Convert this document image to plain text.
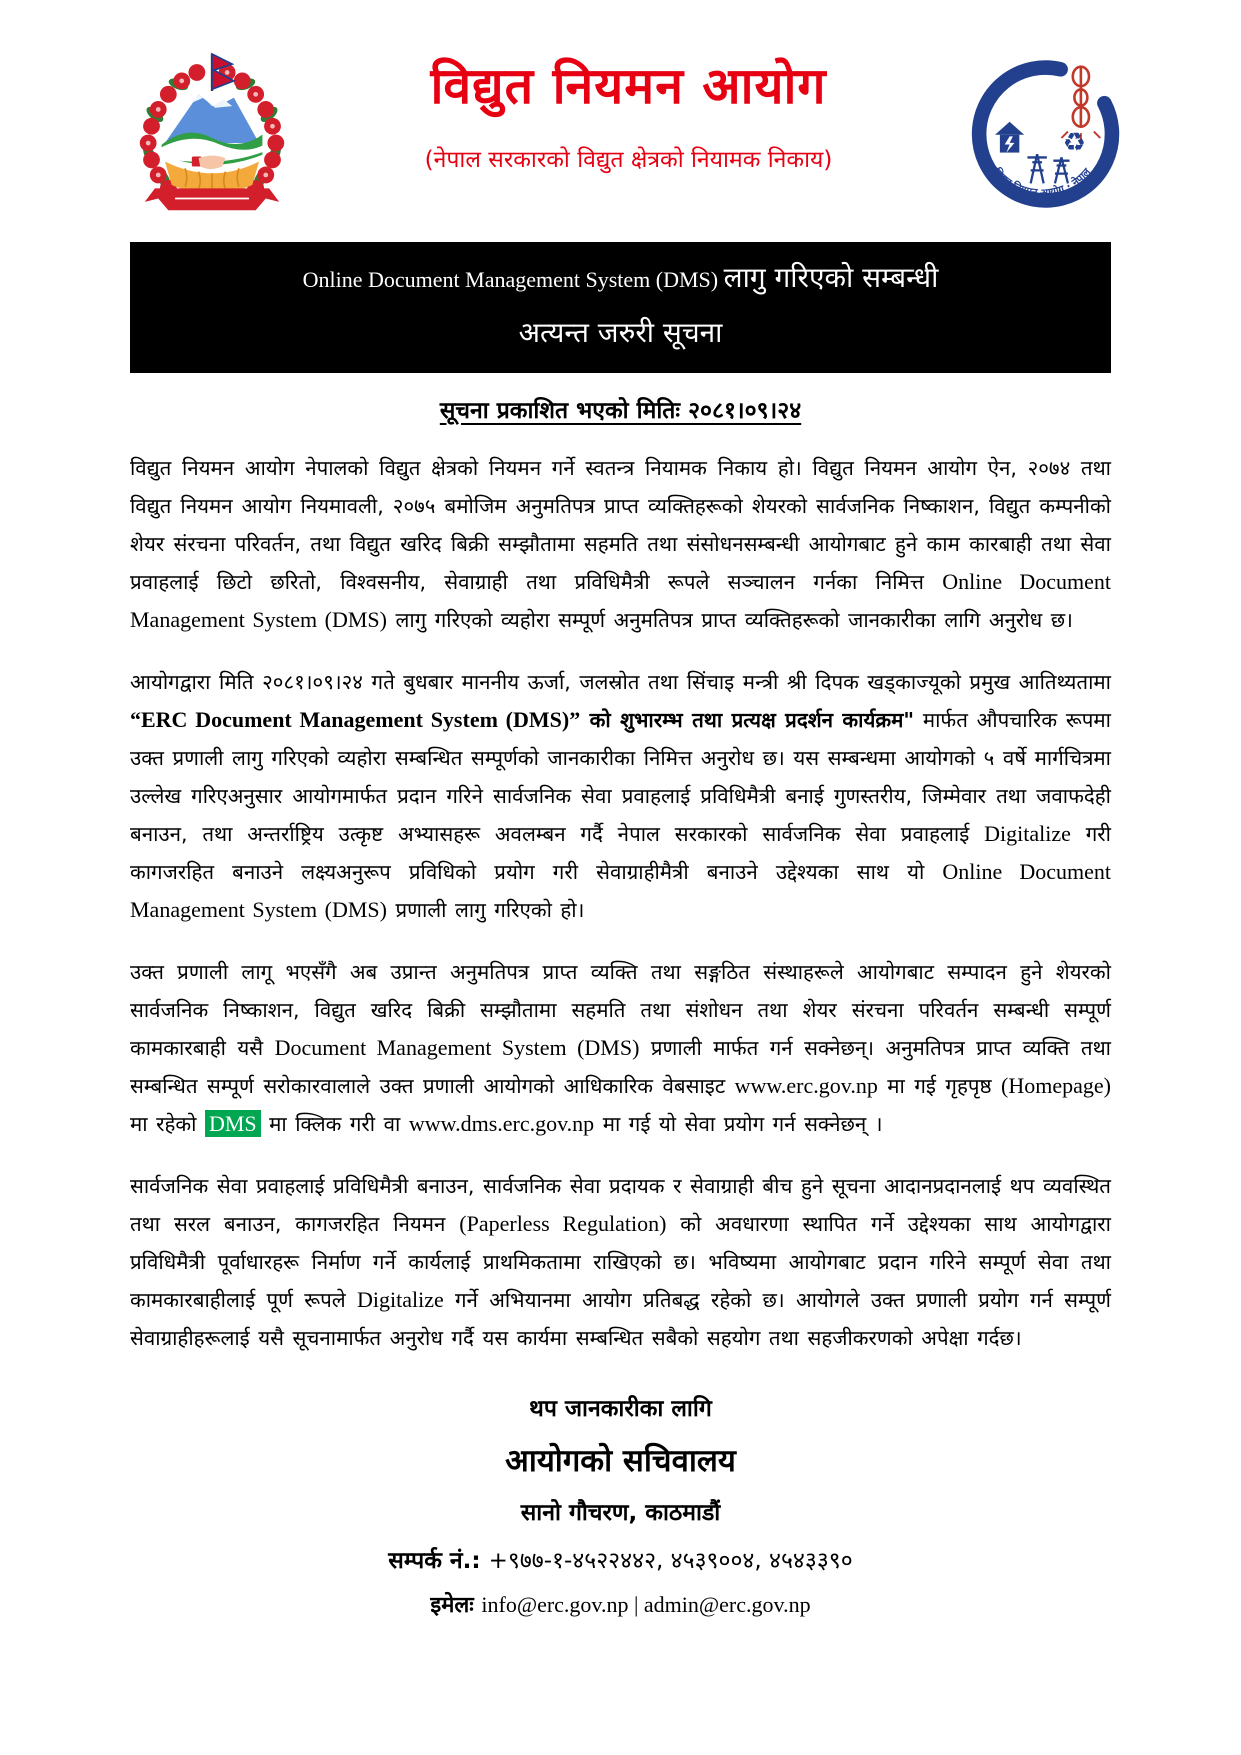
विद्युत नियमन आयोग
(नेपाल सरकारको विद्युत क्षेत्रको नियामक निकाय)
♻
विद्युत नियमन आयोग · नेपाल
Online Document Management System (DMS) लागु गरिएको सम्बन्धी
अत्यन्त जरुरी सूचना
सूचना प्रकाशित भएको मितिः २०८१।०९।२४

विद्युत नियमन आयोग नेपालको विद्युत क्षेत्रको नियमन गर्ने स्वतन्त्र नियामक निकाय हो। विद्युत नियमन आयोग ऐन, २०७४ तथा विद्युत नियमन आयोग नियमावली, २०७५ बमोजिम अनुमतिपत्र प्राप्त व्यक्तिहरूको शेयरको सार्वजनिक निष्काशन, विद्युत कम्पनीको शेयर संरचना परिवर्तन, तथा विद्युत खरिद बिक्री सम्झौतामा सहमति तथा संसोधनसम्बन्धी आयोगबाट हुने काम कारबाही तथा सेवा प्रवाहलाई छिटो छरितो, विश्वसनीय, सेवाग्राही तथा प्रविधिमैत्री रूपले सञ्चालन गर्नका निमित्त Online Document Management System (DMS) लागु गरिएको व्यहोरा सम्पूर्ण अनुमतिपत्र प्राप्त व्यक्तिहरूको जानकारीका लागि अनुरोध छ।

आयोगद्वारा मिति २०८१।०९।२४ गते बुधबार माननीय ऊर्जा, जलस्रोत तथा सिंचाइ मन्त्री श्री दिपक खड्काज्यूको प्रमुख आतिथ्यतामा “ERC Document Management System (DMS)” को शुभारम्भ तथा प्रत्यक्ष प्रदर्शन कार्यक्रम" मार्फत औपचारिक रूपमा उक्त प्रणाली लागु गरिएको व्यहोरा सम्बन्धित सम्पूर्णको जानकारीका निमित्त अनुरोध छ। यस सम्बन्धमा आयोगको ५ वर्षे मार्गचित्रमा उल्लेख गरिएअनुसार आयोगमार्फत प्रदान गरिने सार्वजनिक सेवा प्रवाहलाई प्रविधिमैत्री बनाई गुणस्तरीय, जिम्मेवार तथा जवाफदेही बनाउन, तथा अन्तर्राष्ट्रिय उत्कृष्ट अभ्यासहरू अवलम्बन गर्दै नेपाल सरकारको सार्वजनिक सेवा प्रवाहलाई Digitalize गरी कागजरहित बनाउने लक्ष्यअनुरूप प्रविधिको प्रयोग गरी सेवाग्राहीमैत्री बनाउने उद्देश्यका साथ यो Online Document Management System (DMS) प्रणाली लागु गरिएको हो।

उक्त प्रणाली लागू भएसँगै अब उप्रान्त अनुमतिपत्र प्राप्त व्यक्ति तथा सङ्गठित संस्थाहरूले आयोगबाट सम्पादन हुने शेयरको सार्वजनिक निष्काशन, विद्युत खरिद बिक्री सम्झौतामा सहमति तथा संशोधन तथा शेयर संरचना परिवर्तन सम्बन्धी सम्पूर्ण कामकारबाही यसै Document Management System (DMS) प्रणाली मार्फत गर्न सक्नेछन्। अनुमतिपत्र प्राप्त व्यक्ति तथा सम्बन्धित सम्पूर्ण सरोकारवालाले उक्त प्रणाली आयोगको आधिकारिक वेबसाइट www.erc.gov.np मा गई गृहपृष्ठ (Homepage) मा रहेको DMS मा क्लिक गरी वा www.dms.erc.gov.np मा गई यो सेवा प्रयोग गर्न सक्नेछन् ।

सार्वजनिक सेवा प्रवाहलाई प्रविधिमैत्री बनाउन, सार्वजनिक सेवा प्रदायक र सेवाग्राही बीच हुने सूचना आदानप्रदानलाई थप व्यवस्थित तथा सरल बनाउन, कागजरहित नियमन (Paperless Regulation) को अवधारणा स्थापित गर्ने उद्देश्यका साथ आयोगद्वारा प्रविधिमैत्री पूर्वाधारहरू निर्माण गर्ने कार्यलाई प्राथमिकतामा राखिएको छ। भविष्यमा आयोगबाट प्रदान गरिने सम्पूर्ण सेवा तथा कामकारबाहीलाई पूर्ण रूपले Digitalize गर्ने अभियानमा आयोग प्रतिबद्ध रहेको छ। आयोगले उक्त प्रणाली प्रयोग गर्न सम्पूर्ण सेवाग्राहीहरूलाई यसै सूचनामार्फत अनुरोध गर्दै यस कार्यमा सम्बन्धित सबैको सहयोग तथा सहजीकरणको अपेक्षा गर्दछ।

थप जानकारीका लागि
आयोगको सचिवालय
सानो गौचरण, काठमाडौं
सम्पर्क नं.: +९७७-१-४५२२४४२, ४५३९००४, ४५४३३९०
इमेलः info@erc.gov.np | admin@erc.gov.np
